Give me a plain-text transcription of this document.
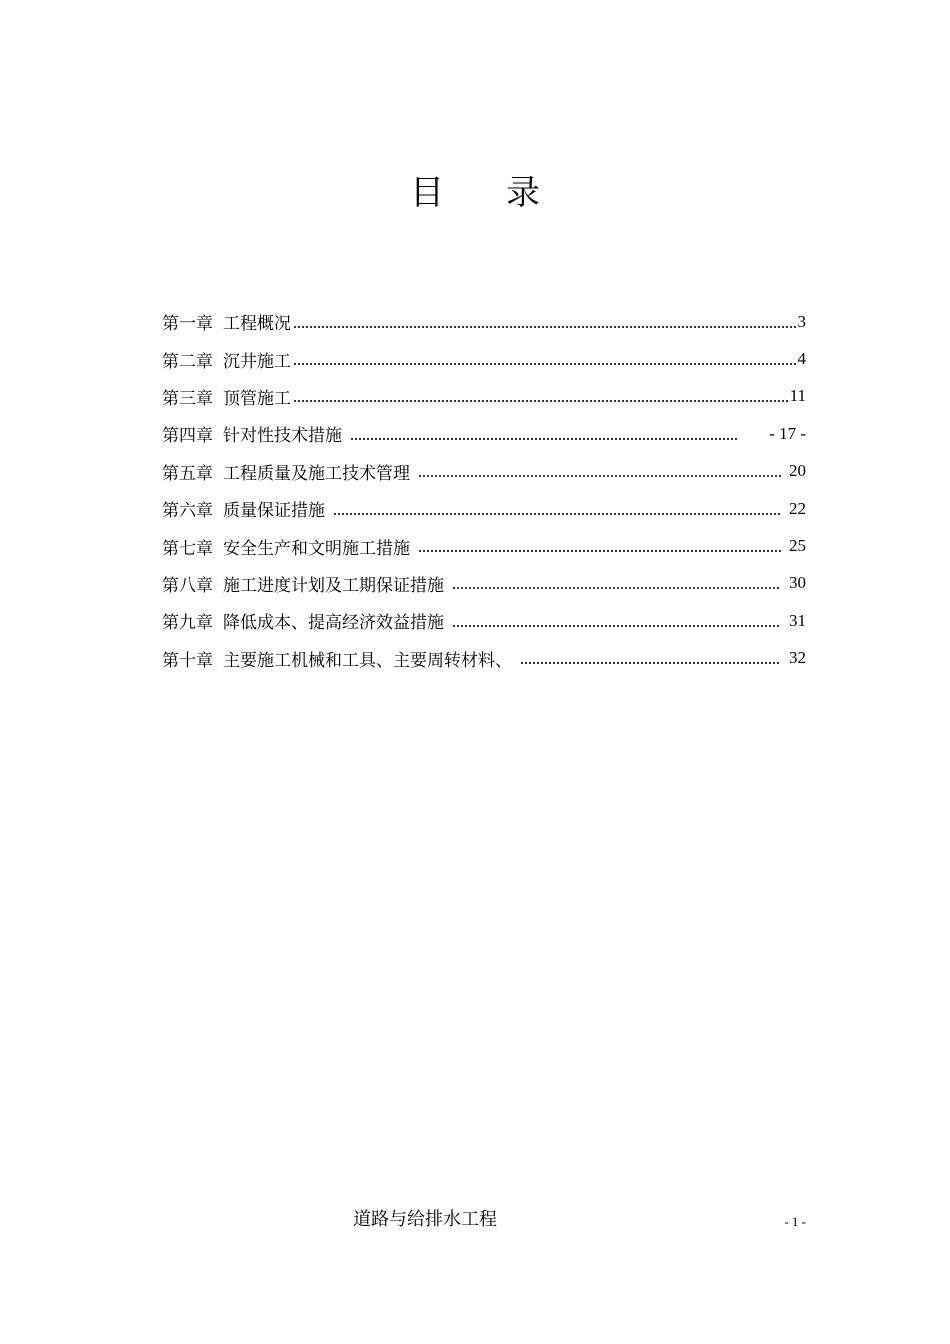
目 录
第一章 工程概况	3
第二章 沉井施工	4
第三章 顶管施工	11
第四章 针对性技术措施	- 17 -
第五章 工程质量及施工技术管理	20
第六章 质量保证措施	22
第七章 安全生产和文明施工措施	25
第八章 施工进度计划及工期保证措施	30
第九章 降低成本、提高经济效益措施	31
第十章 主要施工机械和工具、主要周转材料、	32
道路与给排水工程	- 1 -
